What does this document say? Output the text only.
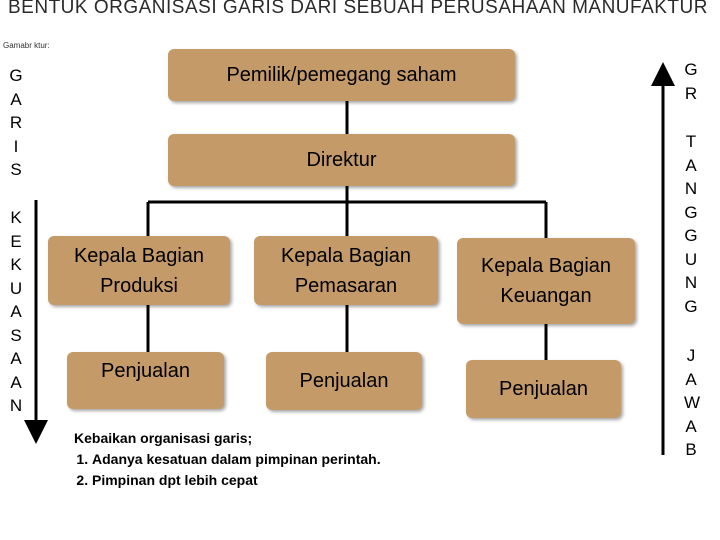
BENTUK ORGANISASI GARIS DARI SEBUAH PERUSAHAAN MANUFAKTUR
Gamabr ktur:
GARIS
KEKUASAAN
GR
TANGGUNG
JAWAB
Pemilik/pemegang saham
Direktur
Kepala Bagian
Produksi
Kepala Bagian
Pemasaran
Kepala Bagian
Keuangan
Penjualan	Penjualan	Penjualan
Kebaikan organisasi garis;
1. Adanya kesatuan dalam pimpinan perintah.
2. Pimpinan dpt lebih cepat
